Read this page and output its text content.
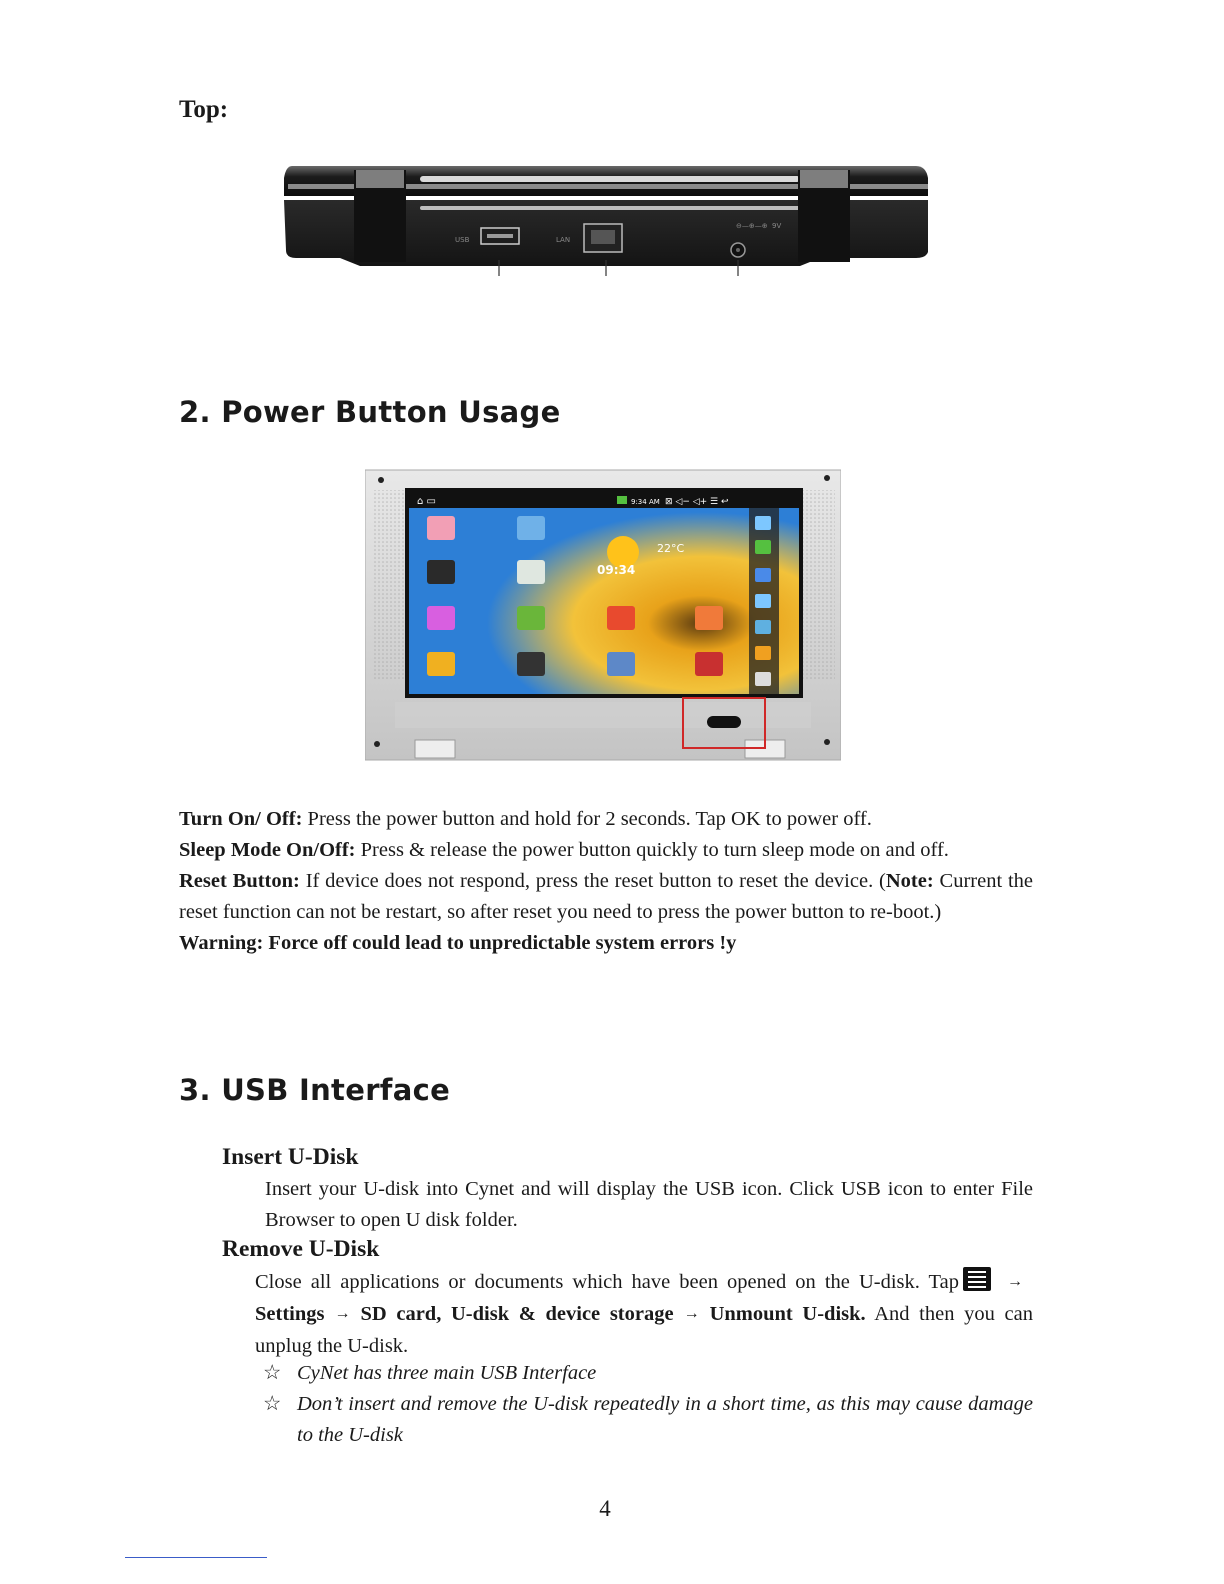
Top:
USB	LAN
⊖—⊕—⊕ 9V
2. Power Button Usage
⌂ ▭	9:34 AM ⊠ ◁− ◁+ ☰ ↩
09:34
22°C
Turn On/ Off: Press the power button and hold for 2 seconds. Tap OK to power off.
Sleep Mode On/Off: Press & release the power button quickly to turn sleep mode on and off.
Reset Button: If device does not respond, press the reset button to reset the device. (Note: Current the reset function can not be restart, so after reset you need to press the power button to re-boot.)
Warning: Force off could lead to unpredictable system errors !y
3. USB Interface
Insert U-Disk
Insert your U-disk into Cynet and will display the USB icon. Click USB icon to enter File Browser to open U disk folder.
Remove U-Disk
Close all applications or documents which have been opened on the U-disk. Tap	→ Settings → SD card, U-disk & device storage → Unmount U-disk. And then you can unplug the U-disk.
☆ CyNet has three main USB Interface
☆ Don’t insert and remove the U-disk repeatedly in a short time, as this may cause damage to the U-disk
4
